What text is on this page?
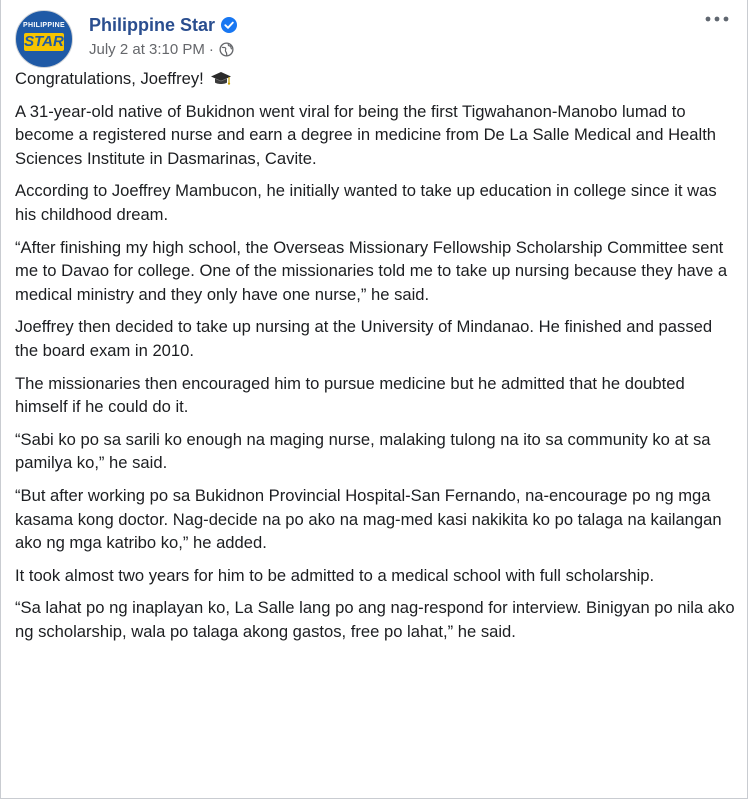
PHILIPPINE
STAR
Philippine Star
July 2 at 3:10 PM ·

Congratulations, Joeffrey!

A 31-year-old native of Bukidnon went viral for being the first Tigwahanon-Manobo lumad to become a registered nurse and earn a degree in medicine from De La Salle Medical and Health Sciences Institute in Dasmarinas, Cavite.

According to Joeffrey Mambucon, he initially wanted to take up education in college since it was his childhood dream.

“After finishing my high school, the Overseas Missionary Fellowship Scholarship Committee sent me to Davao for college. One of the missionaries told me to take up nursing because they have a medical ministry and they only have one nurse,” he said.

Joeffrey then decided to take up nursing at the University of Mindanao. He finished and passed the board exam in 2010.

The missionaries then encouraged him to pursue medicine but he admitted that he doubted himself if he could do it.

“Sabi ko po sa sarili ko enough na maging nurse, malaking tulong na ito sa community ko at sa pamilya ko,” he said.

“But after working po sa Bukidnon Provincial Hospital-San Fernando, na-encourage po ng mga kasama kong doctor. Nag-decide na po ako na mag-med kasi nakikita ko po talaga na kailangan ako ng mga katribo ko,” he added.

It took almost two years for him to be admitted to a medical school with full scholarship.

“Sa lahat po ng inaplayan ko, La Salle lang po ang nag-respond for interview. Binigyan po nila ako ng scholarship, wala po talaga akong gastos, free po lahat,” he said.
